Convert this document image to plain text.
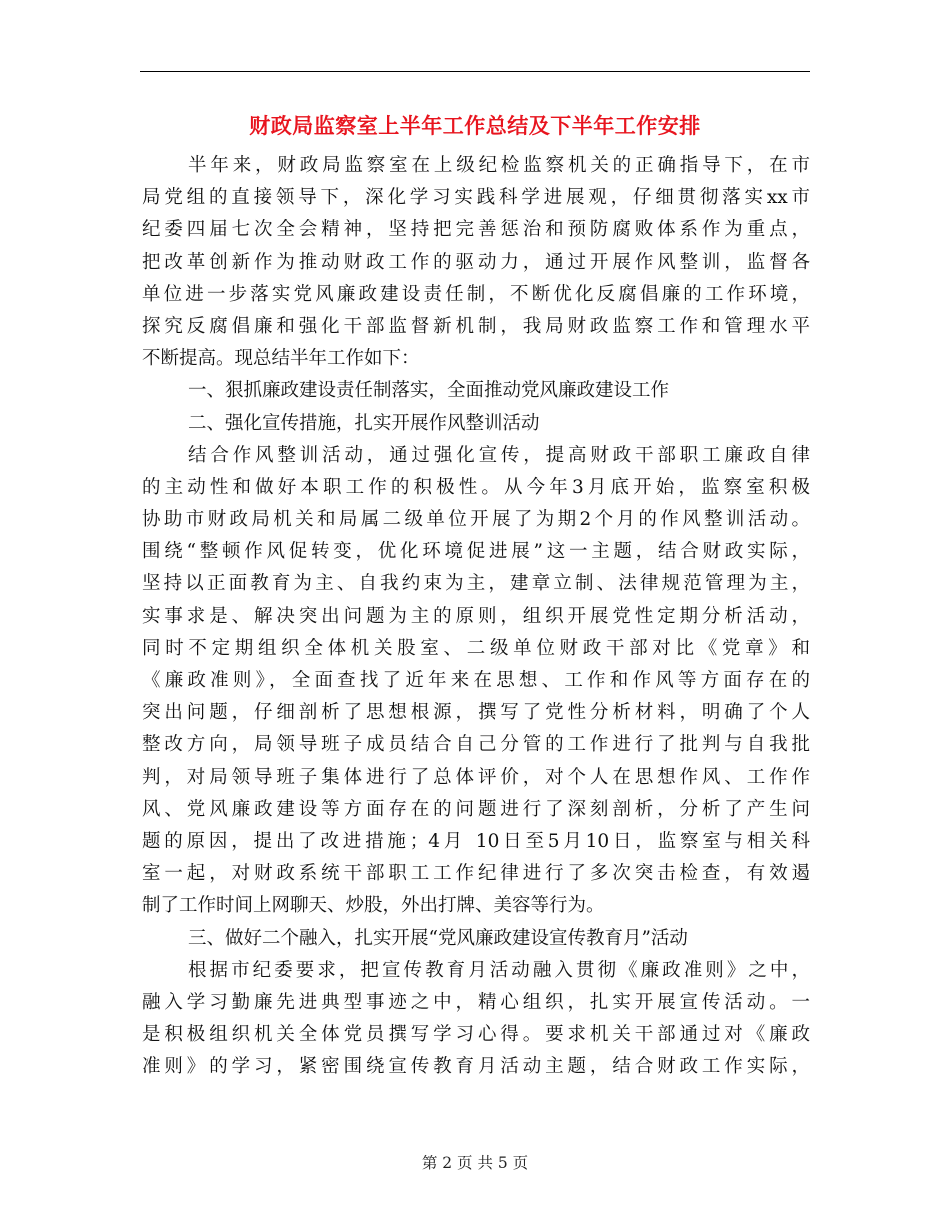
财政局监察室上半年工作总结及下半年工作安排
半年来，财政局监察室在上级纪检监察机关的正确指导下，在市
局党组的直接领导下，深化学习实践科学进展观，仔细贯彻落实xx市
纪委四届七次全会精神，坚持把完善惩治和预防腐败体系作为重点，
把改革创新作为推动财政工作的驱动力，通过开展作风整训，监督各
单位进一步落实党风廉政建设责任制，不断优化反腐倡廉的工作环境，
探究反腐倡廉和强化干部监督新机制，我局财政监察工作和管理水平
不断提高。现总结半年工作如下：
一、狠抓廉政建设责任制落实，全面推动党风廉政建设工作
二、强化宣传措施，扎实开展作风整训活动
结合作风整训活动，通过强化宣传，提高财政干部职工廉政自律
的主动性和做好本职工作的积极性。从今年3月底开始，监察室积极
协助市财政局机关和局属二级单位开展了为期2个月的作风整训活动。
围绕“整顿作风促转变，优化环境促进展”这一主题，结合财政实际，
坚持以正面教育为主、自我约束为主，建章立制、法律规范管理为主，
实事求是、解决突出问题为主的原则，组织开展党性定期分析活动，
同时不定期组织全体机关股室、二级单位财政干部对比《党章》和
《廉政准则》，全面查找了近年来在思想、工作和作风等方面存在的
突出问题，仔细剖析了思想根源，撰写了党性分析材料，明确了个人
整改方向，局领导班子成员结合自己分管的工作进行了批判与自我批
判，对局领导班子集体进行了总体评价，对个人在思想作风、工作作
风、党风廉政建设等方面存在的问题进行了深刻剖析，分析了产生问
题的原因，提出了改进措施；4月 10日至5月10日，监察室与相关科
室一起，对财政系统干部职工工作纪律进行了多次突击检查，有效遏
制了工作时间上网聊天、炒股，外出打牌、美容等行为。
三、做好二个融入，扎实开展“党风廉政建设宣传教育月”活动
根据市纪委要求，把宣传教育月活动融入贯彻《廉政准则》之中，
融入学习勤廉先进典型事迹之中，精心组织，扎实开展宣传活动。一
是积极组织机关全体党员撰写学习心得。要求机关干部通过对《廉政
准则》的学习，紧密围绕宣传教育月活动主题，结合财政工作实际，
第 2 页 共 5 页
